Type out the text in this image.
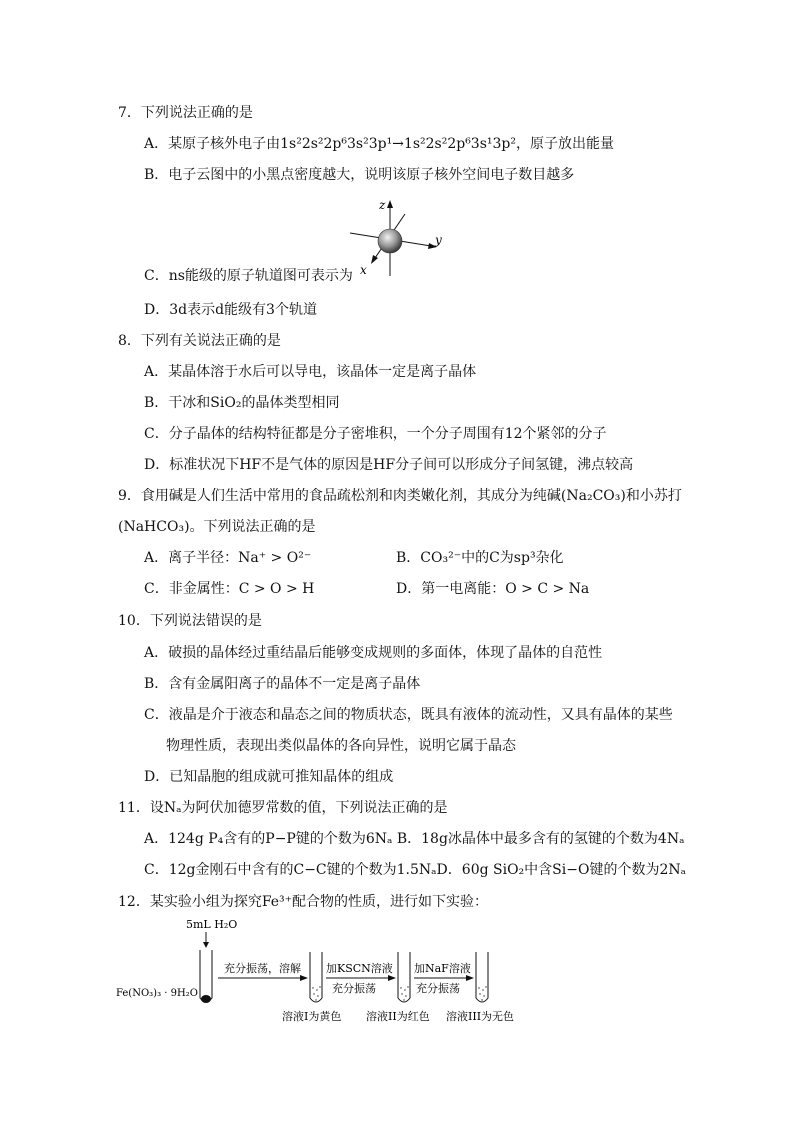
7．下列说法正确的是
A．某原子核外电子由1s²2s²2p⁶3s²3p¹→1s²2s²2p⁶3s¹3p²，原子放出能量
B．电子云图中的小黑点密度越大，说明该原子核外空间电子数目越多
z
y
x
C．ns能级的原子轨道图可表示为
D．3d表示d能级有3个轨道
8．下列有关说法正确的是
A．某晶体溶于水后可以导电，该晶体一定是离子晶体
B．干冰和SiO₂的晶体类型相同
C．分子晶体的结构特征都是分子密堆积，一个分子周围有12个紧邻的分子
D．标准状况下HF不是气体的原因是HF分子间可以形成分子间氢键，沸点较高
9．食用碱是人们生活中常用的食品疏松剂和肉类嫩化剂，其成分为纯碱(Na₂CO₃)和小苏打
(NaHCO₃)。下列说法正确的是
A．离子半径：Na⁺ > O²⁻	B．CO₃²⁻中的C为sp³杂化
C．非金属性：C > O > H	D．第一电离能：O > C > Na
10．下列说法错误的是
A．破损的晶体经过重结晶后能够变成规则的多面体，体现了晶体的自范性
B．含有金属阳离子的晶体不一定是离子晶体
C．液晶是介于液态和晶态之间的物质状态，既具有液体的流动性，又具有晶体的某些
物理性质，表现出类似晶体的各向异性，说明它属于晶态
D．已知晶胞的组成就可推知晶体的组成
11．设Nₐ为阿伏加德罗常数的值，下列说法正确的是
A．124g P₄含有的P−P键的个数为6Nₐ B．18g冰晶体中最多含有的氢键的个数为4Nₐ
C．12g金刚石中含有的C−C键的个数为1.5NₐD．60g SiO₂中含Si−O键的个数为2Nₐ
12．某实验小组为探究Fe³⁺配合物的性质，进行如下实验：
5mL H₂O
Fe(NO₃)₃ · 9H₂O
充分振荡，溶解 加KSCN溶液
充分振荡
加NaF溶液
充分振荡
溶液I为黄色 溶液II为红色 溶液III为无色
